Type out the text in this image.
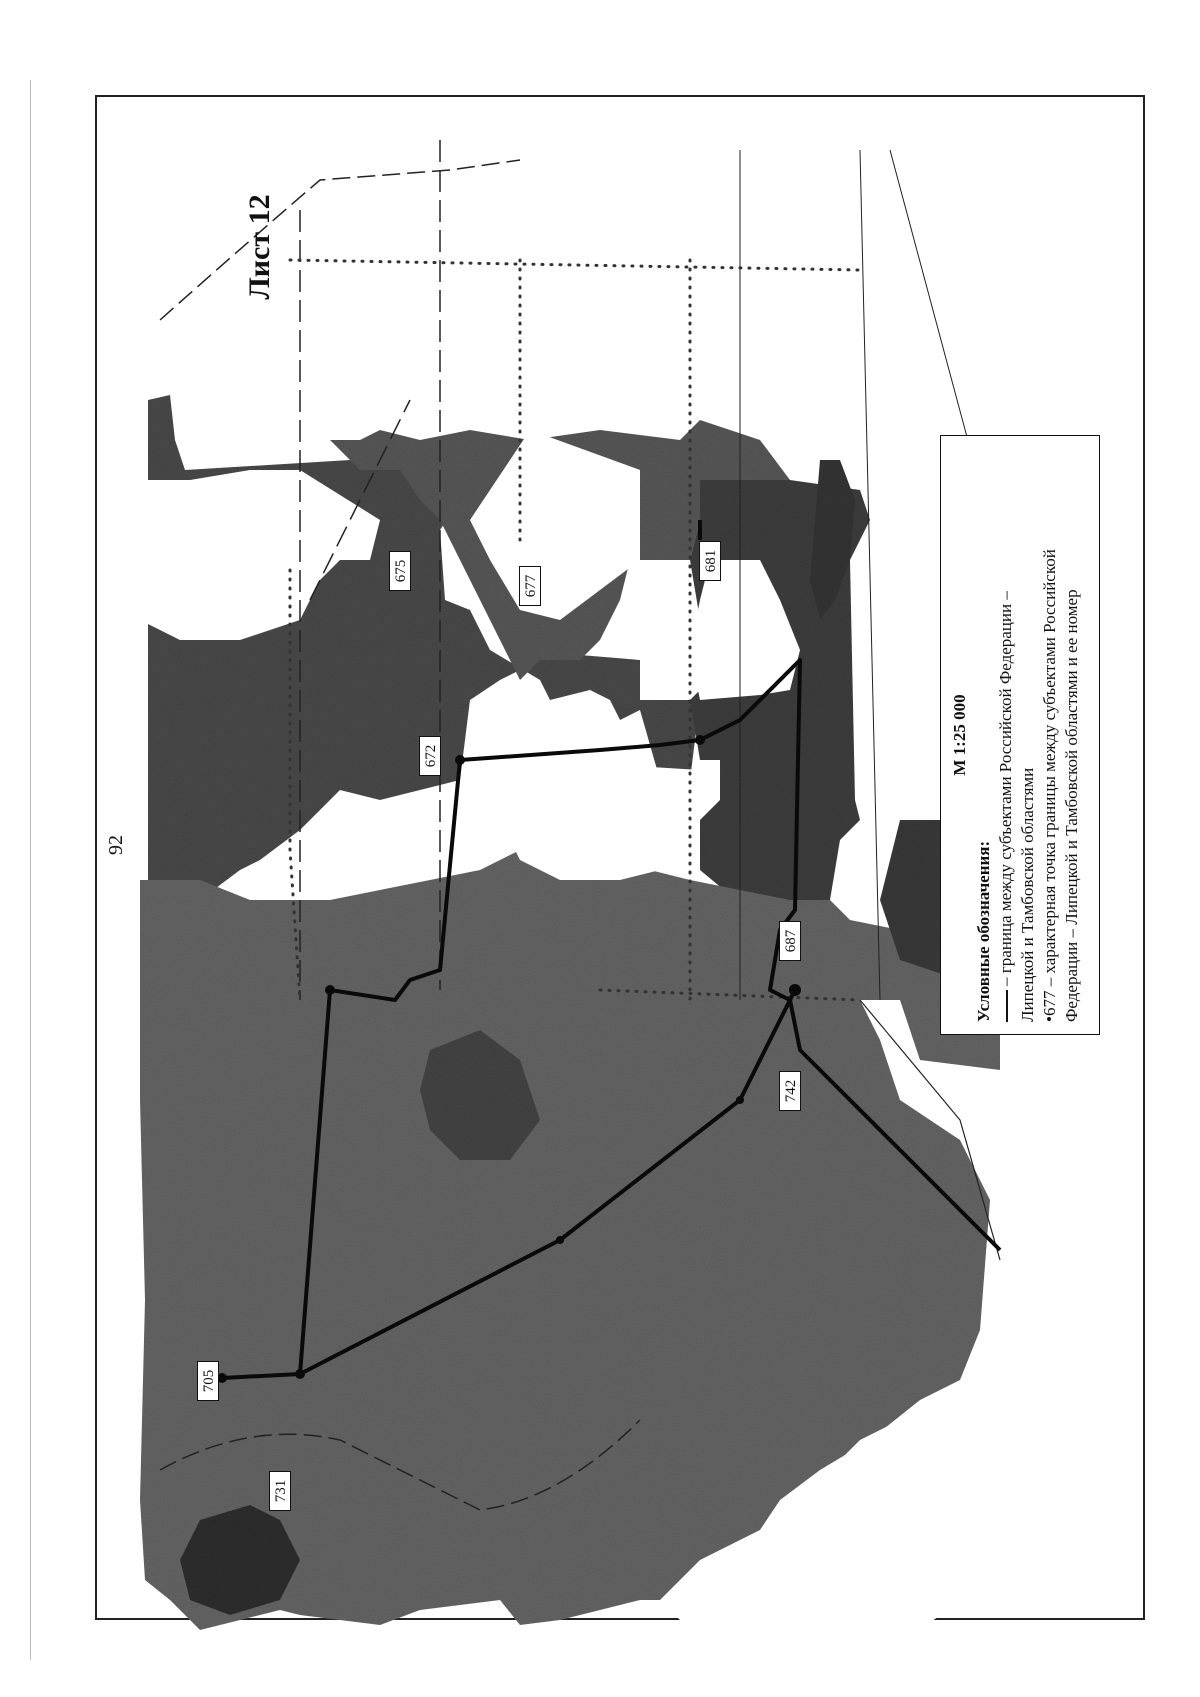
92
Лист 12
705
731
742
687
681
677
675
672	М 1:25 000
Условные обозначения: – граница между субъектами Российской Федерации – Липецкой и Тамбовской областями •677 – характерная точка границы между субъектами Российской Федерации – Липецкой и Тамбовской областями и ее номер
